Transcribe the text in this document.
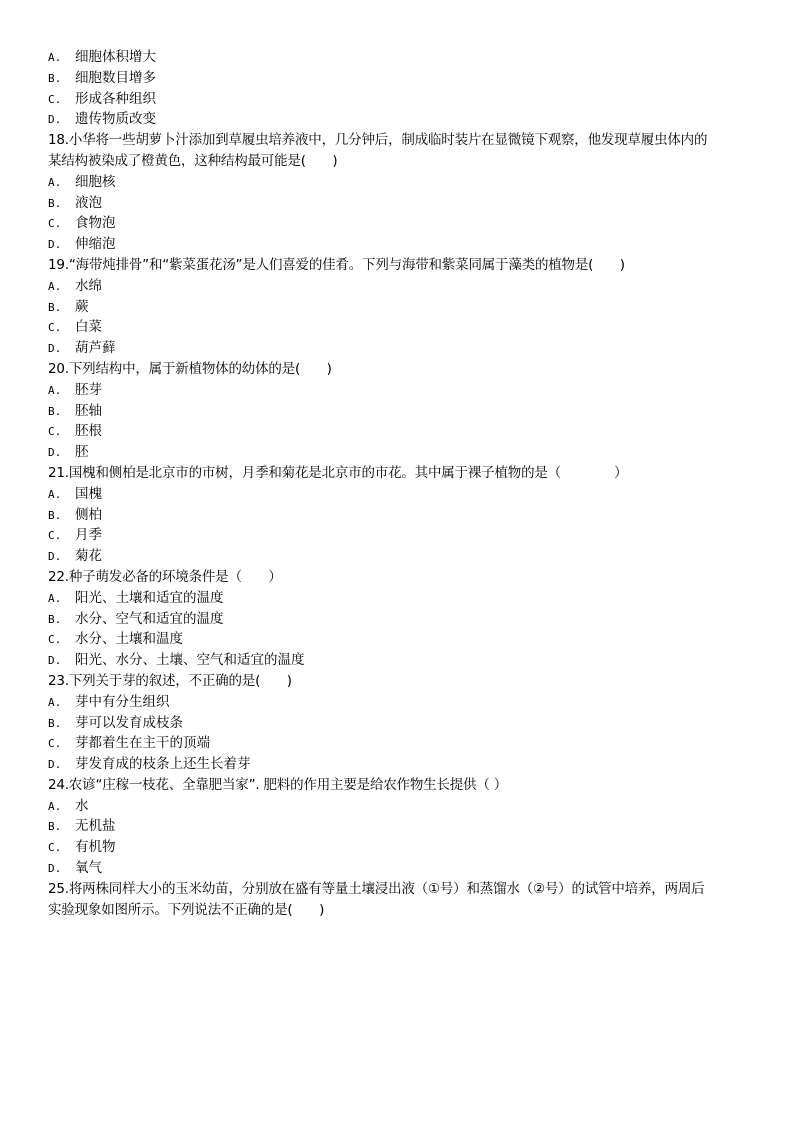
A.	细胞体积增大
B.	细胞数目增多
C.	形成各种组织
D.	遗传物质改变
18.小华将一些胡萝卜汁添加到草履虫培养液中，几分钟后，制成临时装片在显微镜下观察，他发现草履虫体内的
某结构被染成了橙黄色，这种结构最可能是(　　)
A.	细胞核
B.	液泡
C.	食物泡
D.	伸缩泡
19.“海带炖排骨”和“紫菜蛋花汤”是人们喜爱的佳肴。下列与海带和紫菜同属于藻类的植物是(　　)
A.	水绵
B.	蕨
C.	白菜
D.	葫芦藓
20.下列结构中，属于新植物体的幼体的是(　　)
A.	胚芽
B.	胚轴
C.	胚根
D.	胚
21.国槐和侧柏是北京市的市树，月季和菊花是北京市的市花。其中属于裸子植物的是（　　　　）
A.	国槐
B.	侧柏
C.	月季
D.	菊花
22.种子萌发必备的环境条件是（　　）
A.	阳光、土壤和适宜的温度
B.	水分、空气和适宜的温度
C.	水分、土壤和温度
D.	阳光、水分、土壤、空气和适宜的温度
23.下列关于芽的叙述，不正确的是(　　)
A.	芽中有分生组织
B.	芽可以发育成枝条
C.	芽都着生在主干的顶端
D.	芽发育成的枝条上还生长着芽
24.农谚“庄稼一枝花、全靠肥当家”. 肥料的作用主要是给农作物生长提供（ ）
A.	水
B.	无机盐
C.	有机物
D.	氧气
25.将两株同样大小的玉米幼苗，分别放在盛有等量土壤浸出液（①号）和蒸馏水（②号）的试管中培养，两周后
实验现象如图所示。下列说法不正确的是(　　)
